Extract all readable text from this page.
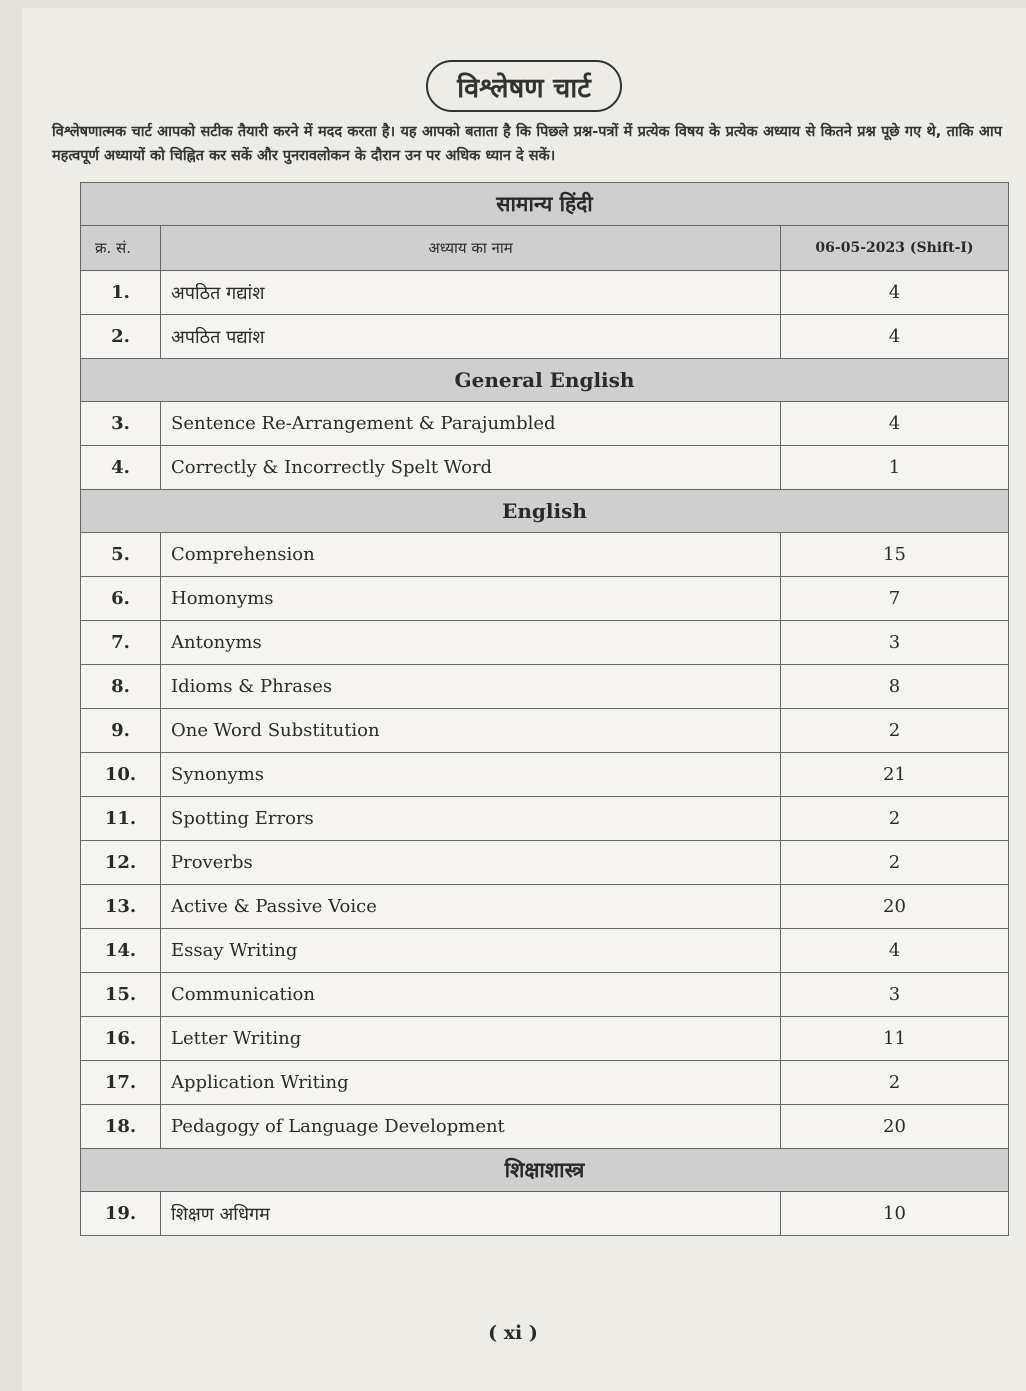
विश्लेषण चार्ट
विश्लेषणात्मक चार्ट आपको सटीक तैयारी करने में मदद करता है। यह आपको बताता है कि पिछले प्रश्न-पत्रों में प्रत्येक विषय के प्रत्येक अध्याय से कितने प्रश्न पूछे गए थे, ताकि आप महत्वपूर्ण अध्यायों को चिह्नित कर सकें और पुनरावलोकन के दौरान उन पर अधिक ध्यान दे सकें।
सामान्य हिंदी		
क्र. सं.	अध्याय का नाम	06-05-2023 (Shift-I)
1.	अपठित गद्यांश	4
2.	अपठित पद्यांश	4
General English		
3.	Sentence Re-Arrangement & Parajumbled	4
4.	Correctly & Incorrectly Spelt Word	1
English		
5.	Comprehension	15
6.	Homonyms	7
7.	Antonyms	3
8.	Idioms & Phrases	8
9.	One Word Substitution	2
10.	Synonyms	21
11.	Spotting Errors	2
12.	Proverbs	2
13.	Active & Passive Voice	20
14.	Essay Writing	4
15.	Communication	3
16.	Letter Writing	11
17.	Application Writing	2
18.	Pedagogy of Language Development	20
शिक्षाशास्त्र		
19.	शिक्षण अधिगम	10
( xi )
